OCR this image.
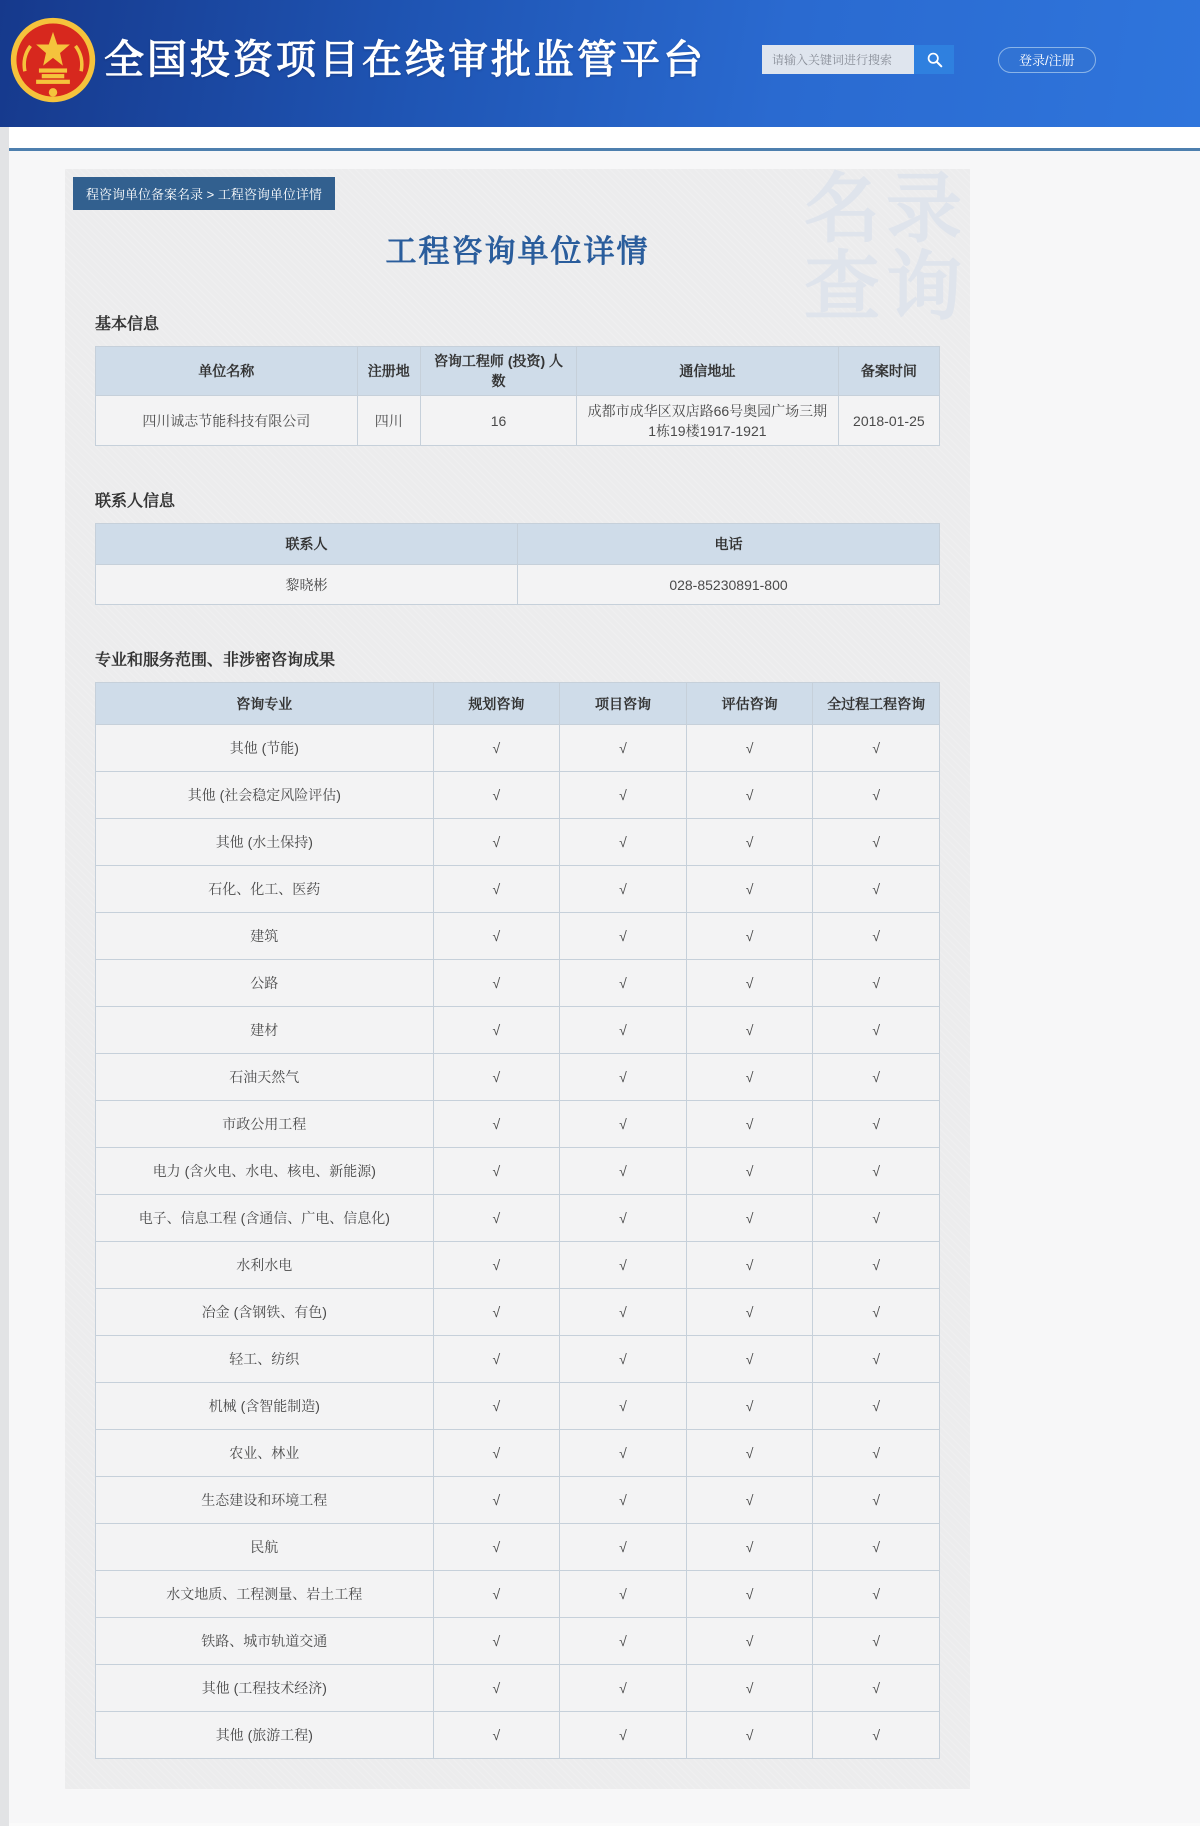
全国投资项目在线审批监管平台
请输入关键词进行搜索	登录/注册
名录
查询
程咨询单位备案名录 > 工程咨询单位详情
工程咨询单位详情
基本信息
单位名称	注册地	咨询工程师 (投资) 人数	通信地址	备案时间
四川诚志节能科技有限公司	四川	16	成都市成华区双店路66号奥园广场三期1栋19楼1917-1921	2018-01-25
联系人信息
联系人	电话
黎晓彬	028-85230891-800
专业和服务范围、非涉密咨询成果
咨询专业	规划咨询	项目咨询	评估咨询	全过程工程咨询
其他 (节能)	√	√	√	√
其他 (社会稳定风险评估)	√	√	√	√
其他 (水土保持)	√	√	√	√
石化、化工、医药	√	√	√	√
建筑	√	√	√	√
公路	√	√	√	√
建材	√	√	√	√
石油天然气	√	√	√	√
市政公用工程	√	√	√	√
电力 (含火电、水电、核电、新能源)	√	√	√	√
电子、信息工程 (含通信、广电、信息化)	√	√	√	√
水利水电	√	√	√	√
冶金 (含钢铁、有色)	√	√	√	√
轻工、纺织	√	√	√	√
机械 (含智能制造)	√	√	√	√
农业、林业	√	√	√	√
生态建设和环境工程	√	√	√	√
民航	√	√	√	√
水文地质、工程测量、岩土工程	√	√	√	√
铁路、城市轨道交通	√	√	√	√
其他 (工程技术经济)	√	√	√	√
其他 (旅游工程)	√	√	√	√
